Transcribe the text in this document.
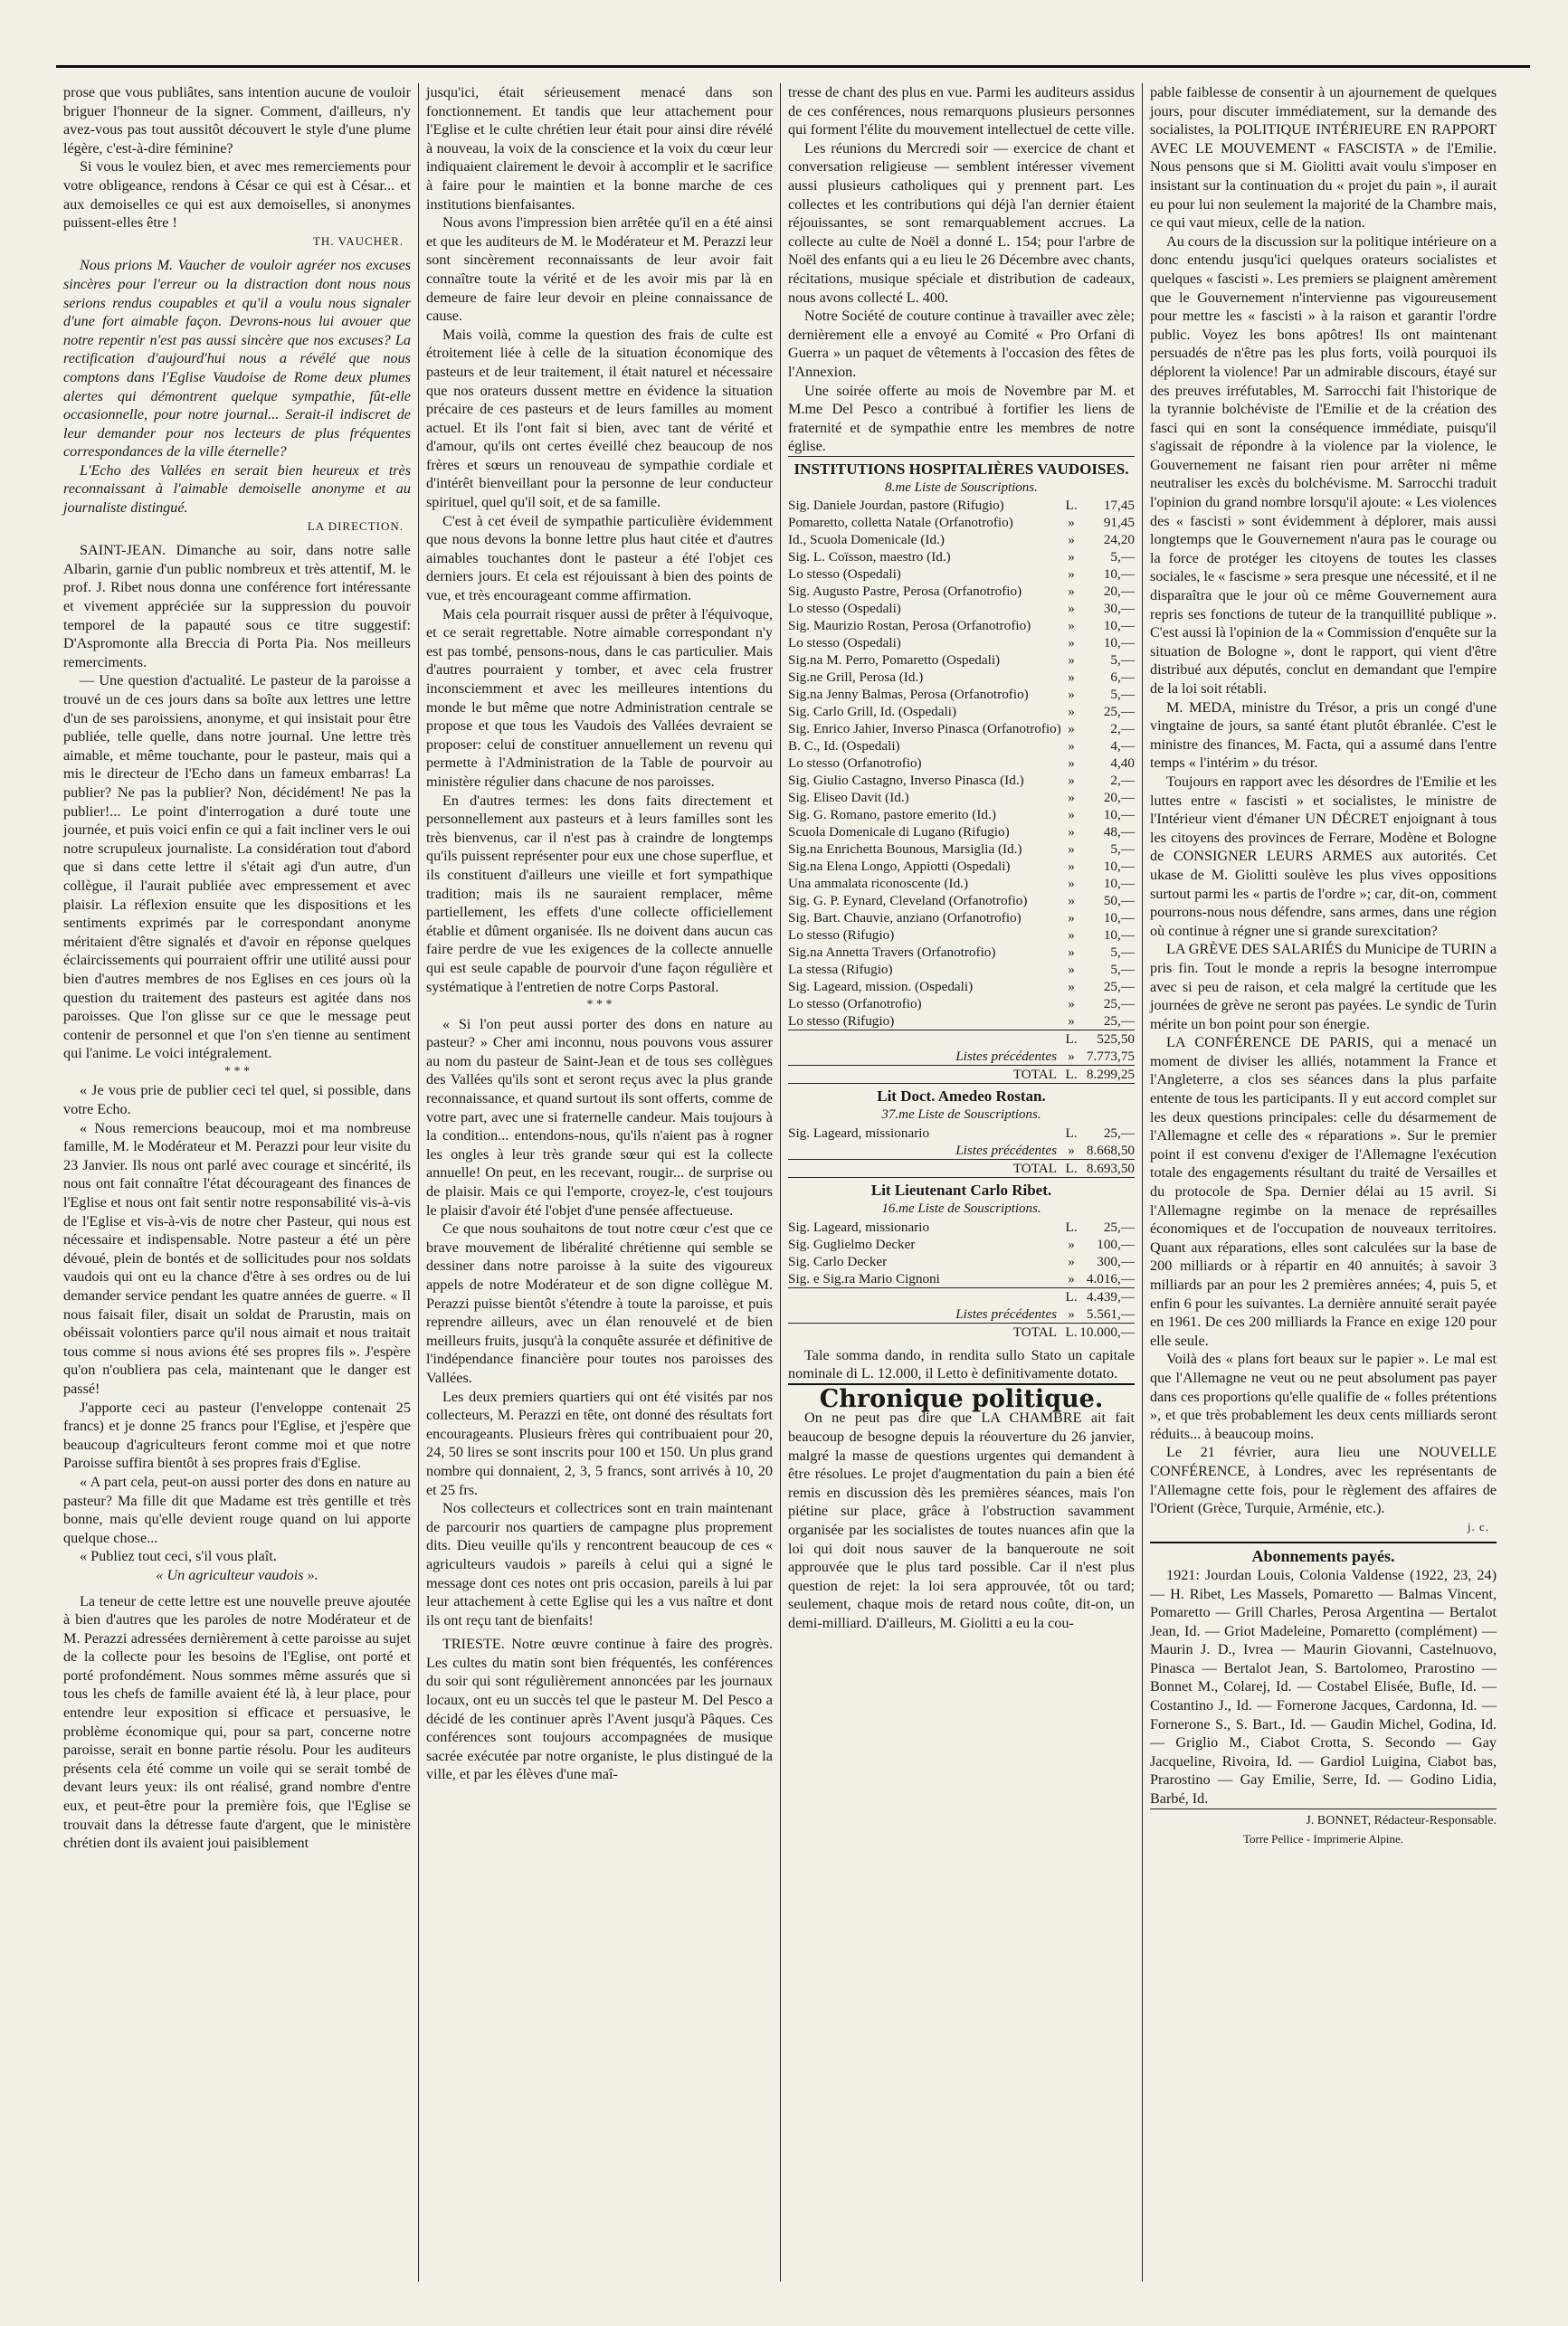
prose que vous publiâtes, sans intention aucune de vouloir briguer l'honneur de la signer. Comment, d'ailleurs, n'y avez-vous pas tout aussitôt découvert le style d'une plume légère, c'est-à-dire féminine?

Si vous le voulez bien, et avec mes remerciements pour votre obligeance, rendons à César ce qui est à César... et aux demoiselles ce qui est aux demoiselles, si anonymes puissent-elles être !

TH. VAUCHER.

Nous prions M. Vaucher de vouloir agréer nos excuses sincères pour l'erreur ou la distraction dont nous nous serions rendus coupables et qu'il a voulu nous signaler d'une fort aimable façon. Devrons-nous lui avouer que notre repentir n'est pas aussi sincère que nos excuses? La rectification d'aujourd'hui nous a révélé que nous comptons dans l'Eglise Vaudoise de Rome deux plumes alertes qui démontrent quelque sympathie, fût-elle occasionnelle, pour notre journal... Serait-il indiscret de leur demander pour nos lecteurs de plus fréquentes correspondances de la ville éternelle?

L'Echo des Vallées en serait bien heureux et très reconnaissant à l'aimable demoiselle anonyme et au journaliste distingué.

LA DIRECTION.

SAINT-JEAN. Dimanche au soir, dans notre salle Albarin, garnie d'un public nombreux et très attentif, M. le prof. J. Ribet nous donna une conférence fort intéressante et vivement appréciée sur la suppression du pouvoir temporel de la papauté sous ce titre suggestif: D'Aspromonte alla Breccia di Porta Pia. Nos meilleurs remerciments.

— Une question d'actualité. Le pasteur de la paroisse a trouvé un de ces jours dans sa boîte aux lettres une lettre d'un de ses paroissiens, anonyme, et qui insistait pour être publiée, telle quelle, dans notre journal. Une lettre très aimable, et même touchante, pour le pasteur, mais qui a mis le directeur de l'Echo dans un fameux embarras! La publier? Ne pas la publier? Non, décidément! Ne pas la publier!... Le point d'interrogation a duré toute une journée, et puis voici enfin ce qui a fait incliner vers le oui notre scrupuleux journaliste. La considération tout d'abord que si dans cette lettre il s'était agi d'un autre, d'un collègue, il l'aurait publiée avec empressement et avec plaisir. La réflexion ensuite que les dispositions et les sentiments exprimés par le correspondant anonyme méritaient d'être signalés et d'avoir en réponse quelques éclaircissements qui pourraient offrir une utilité aussi pour bien d'autres membres de nos Eglises en ces jours où la question du traitement des pasteurs est agitée dans nos paroisses. Que l'on glisse sur ce que le message peut contenir de personnel et que l'on s'en tienne au sentiment qui l'anime. Le voici intégralement.

* * *

« Je vous prie de publier ceci tel quel, si possible, dans votre Echo.

« Nous remercions beaucoup, moi et ma nombreuse famille, M. le Modérateur et M. Perazzi pour leur visite du 23 Janvier. Ils nous ont parlé avec courage et sincérité, ils nous ont fait connaître l'état décourageant des finances de l'Eglise et nous ont fait sentir notre responsabilité vis-à-vis de l'Eglise et vis-à-vis de notre cher Pasteur, qui nous est nécessaire et indispensable. Notre pasteur a été un père dévoué, plein de bontés et de sollicitudes pour nos soldats vaudois qui ont eu la chance d'être à ses ordres ou de lui demander service pendant les quatre années de guerre. « Il nous faisait filer, disait un soldat de Prarustin, mais on obéissait volontiers parce qu'il nous aimait et nous traitait tous comme si nous avions été ses propres fils ». J'espère qu'on n'oubliera pas cela, maintenant que le danger est passé!

J'apporte ceci au pasteur (l'enveloppe contenait 25 francs) et je donne 25 francs pour l'Eglise, et j'espère que beaucoup d'agriculteurs feront comme moi et que notre Paroisse suffira bientôt à ses propres frais d'Eglise.

« A part cela, peut-on aussi porter des dons en nature au pasteur? Ma fille dit que Madame est très gentille et très bonne, mais qu'elle devient rouge quand on lui apporte quelque chose...

« Publiez tout ceci, s'il vous plaît.

« Un agriculteur vaudois ».

La teneur de cette lettre est une nouvelle preuve ajoutée à bien d'autres que les paroles de notre Modérateur et de M. Perazzi adressées dernièrement à cette paroisse au sujet de la collecte pour les besoins de l'Eglise, ont porté et porté profondément. Nous sommes même assurés que si tous les chefs de famille avaient été là, à leur place, pour entendre leur exposition si efficace et persuasive, le problème économique qui, pour sa part, concerne notre paroisse, serait en bonne partie résolu. Pour les auditeurs présents cela été comme un voile qui se serait tombé de devant leurs yeux: ils ont réalisé, grand nombre d'entre eux, et peut-être pour la première fois, que l'Eglise se trouvait dans la détresse faute d'argent, que le ministère chrétien dont ils avaient joui paisiblement

jusqu'ici, était sérieusement menacé dans son fonctionnement. Et tandis que leur attachement pour l'Eglise et le culte chrétien leur était pour ainsi dire révélé à nouveau, la voix de la conscience et la voix du cœur leur indiquaient clairement le devoir à accomplir et le sacrifice à faire pour le maintien et la bonne marche de ces institutions bienfaisantes.

Nous avons l'impression bien arrêtée qu'il en a été ainsi et que les auditeurs de M. le Modérateur et M. Perazzi leur sont sincèrement reconnaissants de leur avoir fait connaître toute la vérité et de les avoir mis par là en demeure de faire leur devoir en pleine connaissance de cause.

Mais voilà, comme la question des frais de culte est étroitement liée à celle de la situation économique des pasteurs et de leur traitement, il était naturel et nécessaire que nos orateurs dussent mettre en évidence la situation précaire de ces pasteurs et de leurs familles au moment actuel. Et ils l'ont fait si bien, avec tant de vérité et d'amour, qu'ils ont certes éveillé chez beaucoup de nos frères et sœurs un renouveau de sympathie cordiale et d'intérêt bienveillant pour la personne de leur conducteur spirituel, quel qu'il soit, et de sa famille.

C'est à cet éveil de sympathie particulière évidemment que nous devons la bonne lettre plus haut citée et d'autres aimables touchantes dont le pasteur a été l'objet ces derniers jours. Et cela est réjouissant à bien des points de vue, et très encourageant comme affirmation.

Mais cela pourrait risquer aussi de prêter à l'équivoque, et ce serait regrettable. Notre aimable correspondant n'y est pas tombé, pensons-nous, dans le cas particulier. Mais d'autres pourraient y tomber, et avec cela frustrer inconsciemment et avec les meilleures intentions du monde le but même que notre Administration centrale se propose et que tous les Vaudois des Vallées devraient se proposer: celui de constituer annuellement un revenu qui permette à l'Administration de la Table de pourvoir au ministère régulier dans chacune de nos paroisses.

En d'autres termes: les dons faits directement et personnellement aux pasteurs et à leurs familles sont les très bienvenus, car il n'est pas à craindre de longtemps qu'ils puissent représenter pour eux une chose superflue, et ils constituent d'ailleurs une vieille et fort sympathique tradition; mais ils ne sauraient remplacer, même partiellement, les effets d'une collecte officiellement établie et dûment organisée. Ils ne doivent dans aucun cas faire perdre de vue les exigences de la collecte annuelle qui est seule capable de pourvoir d'une façon régulière et systématique à l'entretien de notre Corps Pastoral.

* * *

« Si l'on peut aussi porter des dons en nature au pasteur? » Cher ami inconnu, nous pouvons vous assurer au nom du pasteur de Saint-Jean et de tous ses collègues des Vallées qu'ils sont et seront reçus avec la plus grande reconnaissance, et quand surtout ils sont offerts, comme de votre part, avec une si fraternelle candeur. Mais toujours à la condition... entendons-nous, qu'ils n'aient pas à rogner les ongles à leur très grande sœur qui est la collecte annuelle! On peut, en les recevant, rougir... de surprise ou de plaisir. Mais ce qui l'emporte, croyez-le, c'est toujours le plaisir d'avoir été l'objet d'une pensée affectueuse.

Ce que nous souhaitons de tout notre cœur c'est que ce brave mouvement de libéralité chrétienne qui semble se dessiner dans notre paroisse à la suite des vigoureux appels de notre Modérateur et de son digne collègue M. Perazzi puisse bientôt s'étendre à toute la paroisse, et puis reprendre ailleurs, avec un élan renouvelé et de bien meilleurs fruits, jusqu'à la conquête assurée et définitive de l'indépendance financière pour toutes nos paroisses des Vallées.

Les deux premiers quartiers qui ont été visités par nos collecteurs, M. Perazzi en tête, ont donné des résultats fort encourageants. Plusieurs frères qui contribuaient pour 20, 24, 50 lires se sont inscrits pour 100 et 150. Un plus grand nombre qui donnaient, 2, 3, 5 francs, sont arrivés à 10, 20 et 25 frs.

Nos collecteurs et collectrices sont en train maintenant de parcourir nos quartiers de campagne plus proprement dits. Dieu veuille qu'ils y rencontrent beaucoup de ces « agriculteurs vaudois » pareils à celui qui a signé le message dont ces notes ont pris occasion, pareils à lui par leur attachement à cette Eglise qui les a vus naître et dont ils ont reçu tant de bienfaits!

TRIESTE. Notre œuvre continue à faire des progrès. Les cultes du matin sont bien fréquentés, les conférences du soir qui sont régulièrement annoncées par les journaux locaux, ont eu un succès tel que le pasteur M. Del Pesco a décidé de les continuer après l'Avent jusqu'à Pâques. Ces conférences sont toujours accompagnées de musique sacrée exécutée par notre organiste, le plus distingué de la ville, et par les élèves d'une maî-

tresse de chant des plus en vue. Parmi les auditeurs assidus de ces conférences, nous remarquons plusieurs personnes qui forment l'élite du mouvement intellectuel de cette ville.

Les réunions du Mercredi soir — exercice de chant et conversation religieuse — semblent intéresser vivement aussi plusieurs catholiques qui y prennent part. Les collectes et les contributions qui déjà l'an dernier étaient réjouissantes, se sont remarquablement accrues. La collecte au culte de Noël a donné L. 154; pour l'arbre de Noël des enfants qui a eu lieu le 26 Décembre avec chants, récitations, musique spéciale et distribution de cadeaux, nous avons collecté L. 400.

Notre Société de couture continue à travailler avec zèle; dernièrement elle a envoyé au Comité « Pro Orfani di Guerra » un paquet de vêtements à l'occasion des fêtes de l'Annexion.

Une soirée offerte au mois de Novembre par M. et M.me Del Pesco a contribué à fortifier les liens de fraternité et de sympathie entre les membres de notre église.

INSTITUTIONS HOSPITALIÈRES VAUDOISES.

8.me Liste de Souscriptions.

Sig. Daniele Jourdan, pastore (Rifugio)	L.	17,45
Pomaretto, colletta Natale (Orfanotrofio)	»	91,45
Id., Scuola Domenicale (Id.)	»	24,20
Sig. L. Coïsson, maestro (Id.)	»	5,—
Lo stesso (Ospedali)	»	10,—
Sig. Augusto Pastre, Perosa (Orfanotrofio)	»	20,—
Lo stesso (Ospedali)	»	30,—
Sig. Maurizio Rostan, Perosa (Orfanotrofio)	»	10,—
Lo stesso (Ospedali)	»	10,—
Sig.na M. Perro, Pomaretto (Ospedali)	»	5,—
Sig.ne Grill, Perosa (Id.)	»	6,—
Sig.na Jenny Balmas, Perosa (Orfanotrofio)	»	5,—
Sig. Carlo Grill, Id. (Ospedali)	»	25,—
Sig. Enrico Jahier, Inverso Pinasca (Orfanotrofio)	»	2,—
B. C., Id. (Ospedali)	»	4,—
Lo stesso (Orfanotrofio)	»	4,40
Sig. Giulio Castagno, Inverso Pinasca (Id.)	»	2,—
Sig. Eliseo Davit (Id.)	»	20,—
Sig. G. Romano, pastore emeritо (Id.)	»	10,—
Scuola Domenicale di Lugano (Rifugio)	»	48,—
Sig.na Enrichetta Bounous, Marsiglia (Id.)	»	5,—
Sig.na Elena Longo, Appiotti (Ospedali)	»	10,—
Una ammalata riconoscente (Id.)	»	10,—
Sig. G. P. Eynard, Cleveland (Orfanotrofio)	»	50,—
Sig. Bart. Chauvie, anziano (Orfanotrofio)	»	10,—
Lo stesso (Rifugio)	»	10,—
Sig.na Annetta Travers (Orfanotrofio)	»	5,—
La stessa (Rifugio)	»	5,—
Sig. Lageard, mission. (Ospedali)	»	25,—
Lo stesso (Orfanotrofio)	»	25,—
Lo stesso (Rifugio)	»	25,—
	L.	525,50
Listes précédentes	»	7.773,75
TOTAL	L.	8.299,25

Lit Doct. Amedeo Rostan.

37.me Liste de Souscriptions.

Sig. Lageard, missionario	L.	25,—
Listes précédentes	»	8.668,50
TOTAL	L.	8.693,50

Lit Lieutenant Carlo Ribet.

16.me Liste de Souscriptions.

Sig. Lageard, missionario	L.	25,—
Sig. Guglielmo Decker	»	100,—
Sig. Carlo Decker	»	300,—
Sig. e Sig.ra Mario Cignoni	»	4.016,—
	L.	4.439,—
Listes précédentes	»	5.561,—
TOTAL	L.	10.000,—

Tale somma dando, in rendita sullo Stato un capitale nominale di L. 12.000, il Letto è definitivamente dotato.

Chronique politique.

On ne peut pas dire que LA CHAMBRE ait fait beaucoup de besogne depuis la réouverture du 26 janvier, malgré la masse de questions urgentes qui demandent à être résolues. Le projet d'augmentation du pain a bien été remis en discussion dès les premières séances, mais l'on piétine sur place, grâce à l'obstruction savamment organisée par les socialistes de toutes nuances afin que la loi qui doit nous sauver de la banqueroute ne soit approuvée que le plus tard possible. Car il n'est plus question de rejet: la loi sera approuvée, tôt ou tard; seulement, chaque mois de retard nous coûte, dit-on, un demi-milliard. D'ailleurs, M. Giolitti a eu la cou-

pable faiblesse de consentir à un ajournement de quelques jours, pour discuter immédiatement, sur la demande des socialistes, la POLITIQUE INTÉRIEURE EN RAPPORT AVEC LE MOUVEMENT « FASCISTA » de l'Emilie. Nous pensons que si M. Giolitti avait voulu s'imposer en insistant sur la continuation du « projet du pain », il aurait eu pour lui non seulement la majorité de la Chambre mais, ce qui vaut mieux, celle de la nation.

Au cours de la discussion sur la politique intérieure on a donc entendu jusqu'ici quelques orateurs socialistes et quelques « fascisti ». Les premiers se plaignent amèrement que le Gouvernement n'intervienne pas vigoureusement pour mettre les « fascisti » à la raison et garantir l'ordre public. Voyez les bons apôtres! Ils ont maintenant persuadés de n'être pas les plus forts, voilà pourquoi ils déplorent la violence! Par un admirable discours, étayé sur des preuves irréfutables, M. Sarrocchi fait l'historique de la tyrannie bolchéviste de l'Emilie et de la création des fasci qui en sont la conséquence immédiate, puisqu'il s'agissait de répondre à la violence par la violence, le Gouvernement ne faisant rien pour arrêter ni même neutraliser les excès du bolchévisme. M. Sarrocchi traduit l'opinion du grand nombre lorsqu'il ajoute: « Les violences des « fascisti » sont évidemment à déplorer, mais aussi longtemps que le Gouvernement n'aura pas le courage ou la force de protéger les citoyens de toutes les classes sociales, le « fascisme » sera presque une nécessité, et il ne disparaîtra que le jour où ce même Gouvernement aura repris ses fonctions de tuteur de la tranquillité publique ». C'est aussi là l'opinion de la « Commission d'enquête sur la situation de Bologne », dont le rapport, qui vient d'être distribué aux députés, conclut en demandant que l'empire de la loi soit rétabli.

M. MEDA, ministre du Trésor, a pris un congé d'une vingtaine de jours, sa santé étant plutôt ébranlée. C'est le ministre des finances, M. Facta, qui a assumé dans l'entre temps « l'intérim » du trésor.

Toujours en rapport avec les désordres de l'Emilie et les luttes entre « fascisti » et socialistes, le ministre de l'Intérieur vient d'émaner UN DÉCRET enjoignant à tous les citoyens des provinces de Ferrare, Modène et Bologne de CONSIGNER LEURS ARMES aux autorités. Cet ukase de M. Giolitti soulève les plus vives oppositions surtout parmi les « partis de l'ordre »; car, dit-on, comment pourrons-nous nous défendre, sans armes, dans une région où continue à régner une si grande surexcitation?

LA GRÈVE DES SALARIÉS du Municipe de TURIN a pris fin. Tout le monde a repris la besogne interrompue avec si peu de raison, et cela malgré la certitude que les journées de grève ne seront pas payées. Le syndic de Turin mérite un bon point pour son énergie.

LA CONFÉRENCE DE PARIS, qui a menacé un moment de diviser les alliés, notamment la France et l'Angleterre, a clos ses séances dans la plus parfaite entente de tous les participants. Il y eut accord complet sur les deux questions principales: celle du désarmement de l'Allemagne et celle des « réparations ». Sur le premier point il est convenu d'exiger de l'Allemagne l'exécution totale des engagements résultant du traité de Versailles et du protocole de Spa. Dernier délai au 15 avril. Si l'Allemagne regimbe on la menace de représailles économiques et de l'occupation de nouveaux territoires. Quant aux réparations, elles sont calculées sur la base de 200 milliards or à répartir en 40 annuités; à savoir 3 milliards par an pour les 2 premières années; 4, puis 5, et enfin 6 pour les suivantes. La dernière annuité serait payée en 1961. De ces 200 milliards la France en exige 120 pour elle seule.

Voilà des « plans fort beaux sur le papier ». Le mal est que l'Allemagne ne veut ou ne peut absolument pas payer dans ces proportions qu'elle qualifie de « folles prétentions », et que très probablement les deux cents milliards seront réduits... à beaucoup moins.

Le 21 février, aura lieu une NOUVELLE CONFÉRENCE, à Londres, avec les représentants de l'Allemagne cette fois, pour le règlement des affaires de l'Orient (Grèce, Turquie, Arménie, etc.).

j. c.

Abonnements payés.

1921: Jourdan Louis, Colonia Valdense (1922, 23, 24) — H. Ribet, Les Massels, Pomaretto — Balmas Vincent, Pomaretto — Grill Charles, Perosa Argentina — Bertalot Jean, Id. — Griot Madeleine, Pomaretto (complément) — Maurin J. D., Ivrea — Maurin Giovanni, Castelnuovo, Pinasca — Bertalot Jean, S. Bartolomeo, Prarostino — Bonnet M., Colarej, Id. — Costabel Elisée, Bufle, Id. — Costantino J., Id. — Fornerone Jacques, Cardonna, Id. — Fornerone S., S. Bart., Id. — Gaudin Michel, Godina, Id. — Griglio M., Ciabot Crotta, S. Secondo — Gay Jacqueline, Rivoira, Id. — Gardiol Luigina, Ciabot bas, Prarostino — Gay Emilie, Serre, Id. — Godino Lidia, Barbé, Id.

J. BONNET, Rédacteur-Responsable.

Torre Pellice - Imprimerie Alpine.
